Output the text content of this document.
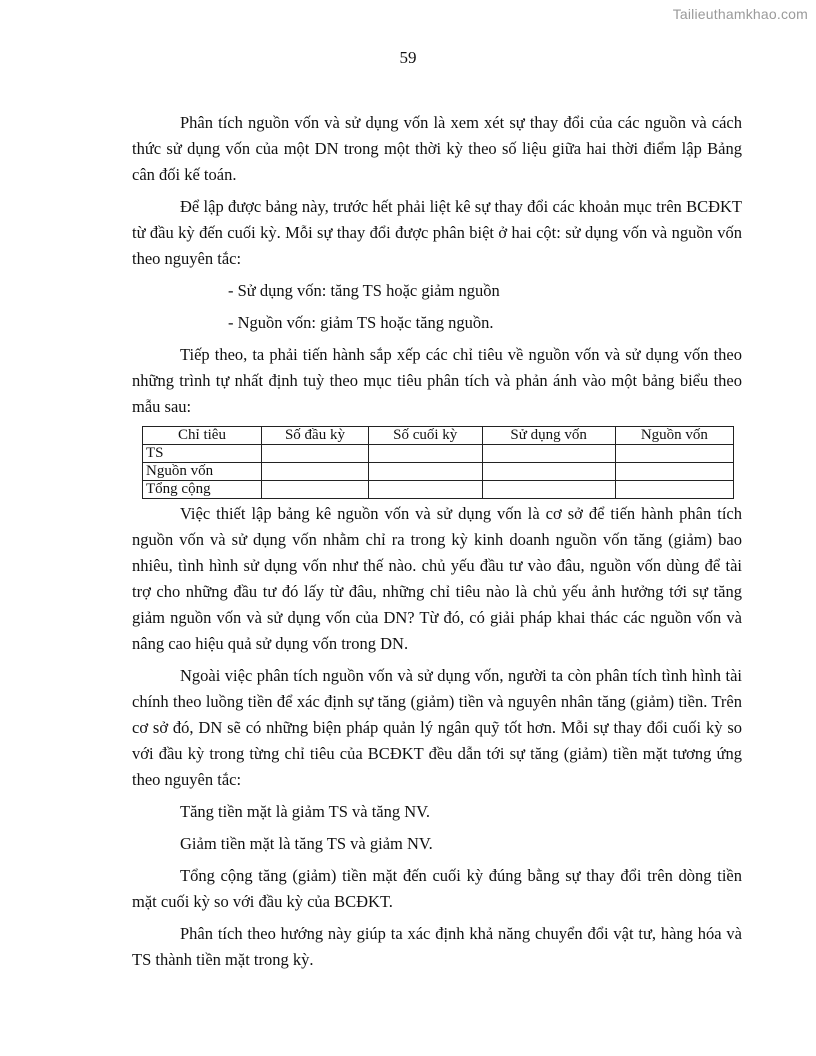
Tailieuthamkhao.com
59

Phân tích nguồn vốn và sử dụng vốn là xem xét sự thay đổi của các nguồn và cách thức sử dụng vốn của một DN trong một thời kỳ theo số liệu giữa hai thời điểm lập Bảng cân đối kế toán.

Để lập được bảng này, trước hết phải liệt kê sự thay đổi các khoản mục trên BCĐKT từ đầu kỳ đến cuối kỳ. Mỗi sự thay đổi được phân biệt ở hai cột: sử dụng vốn và nguồn vốn theo nguyên tắc:

- Sử dụng vốn: tăng TS hoặc giảm nguồn

- Nguồn vốn: giảm TS hoặc tăng nguồn.

Tiếp theo, ta phải tiến hành sắp xếp các chỉ tiêu về nguồn vốn và sử dụng vốn theo những trình tự nhất định tuỳ theo mục tiêu phân tích và phản ánh vào một bảng biểu theo mẫu sau:

Chỉ tiêu	Số đầu kỳ	Số cuối kỳ	Sử dụng vốn	Nguồn vốn
TS				
Nguồn vốn				
Tổng cộng				

Việc thiết lập bảng kê nguồn vốn và sử dụng vốn là cơ sở để tiến hành phân tích nguồn vốn và sử dụng vốn nhằm chỉ ra trong kỳ kinh doanh nguồn vốn tăng (giảm) bao nhiêu, tình hình sử dụng vốn như thế nào. chủ yếu đầu tư vào đâu, nguồn vốn dùng để tài trợ cho những đầu tư đó lấy từ đâu, những chỉ tiêu nào là chủ yếu ảnh hưởng tới sự tăng giảm nguồn vốn và sử dụng vốn của DN? Từ đó, có giải pháp khai thác các nguồn vốn và nâng cao hiệu quả sử dụng vốn trong DN.

Ngoài việc phân tích nguồn vốn và sử dụng vốn, người ta còn phân tích tình hình tài chính theo luồng tiền để xác định sự tăng (giảm) tiền và nguyên nhân tăng (giảm) tiền. Trên cơ sở đó, DN sẽ có những biện pháp quản lý ngân quỹ tốt hơn. Mỗi sự thay đổi cuối kỳ so với đầu kỳ trong từng chỉ tiêu của BCĐKT đều dẫn tới sự tăng (giảm) tiền mặt tương ứng theo nguyên tắc:

Tăng tiền mặt là giảm TS và tăng NV.

Giảm tiền mặt là tăng TS và giảm NV.

Tổng cộng tăng (giảm) tiền mặt đến cuối kỳ đúng bằng sự thay đổi trên dòng tiền mặt cuối kỳ so với đầu kỳ của BCĐKT.

Phân tích theo hướng này giúp ta xác định khả năng chuyển đổi vật tư, hàng hóa và TS thành tiền mặt trong kỳ.
